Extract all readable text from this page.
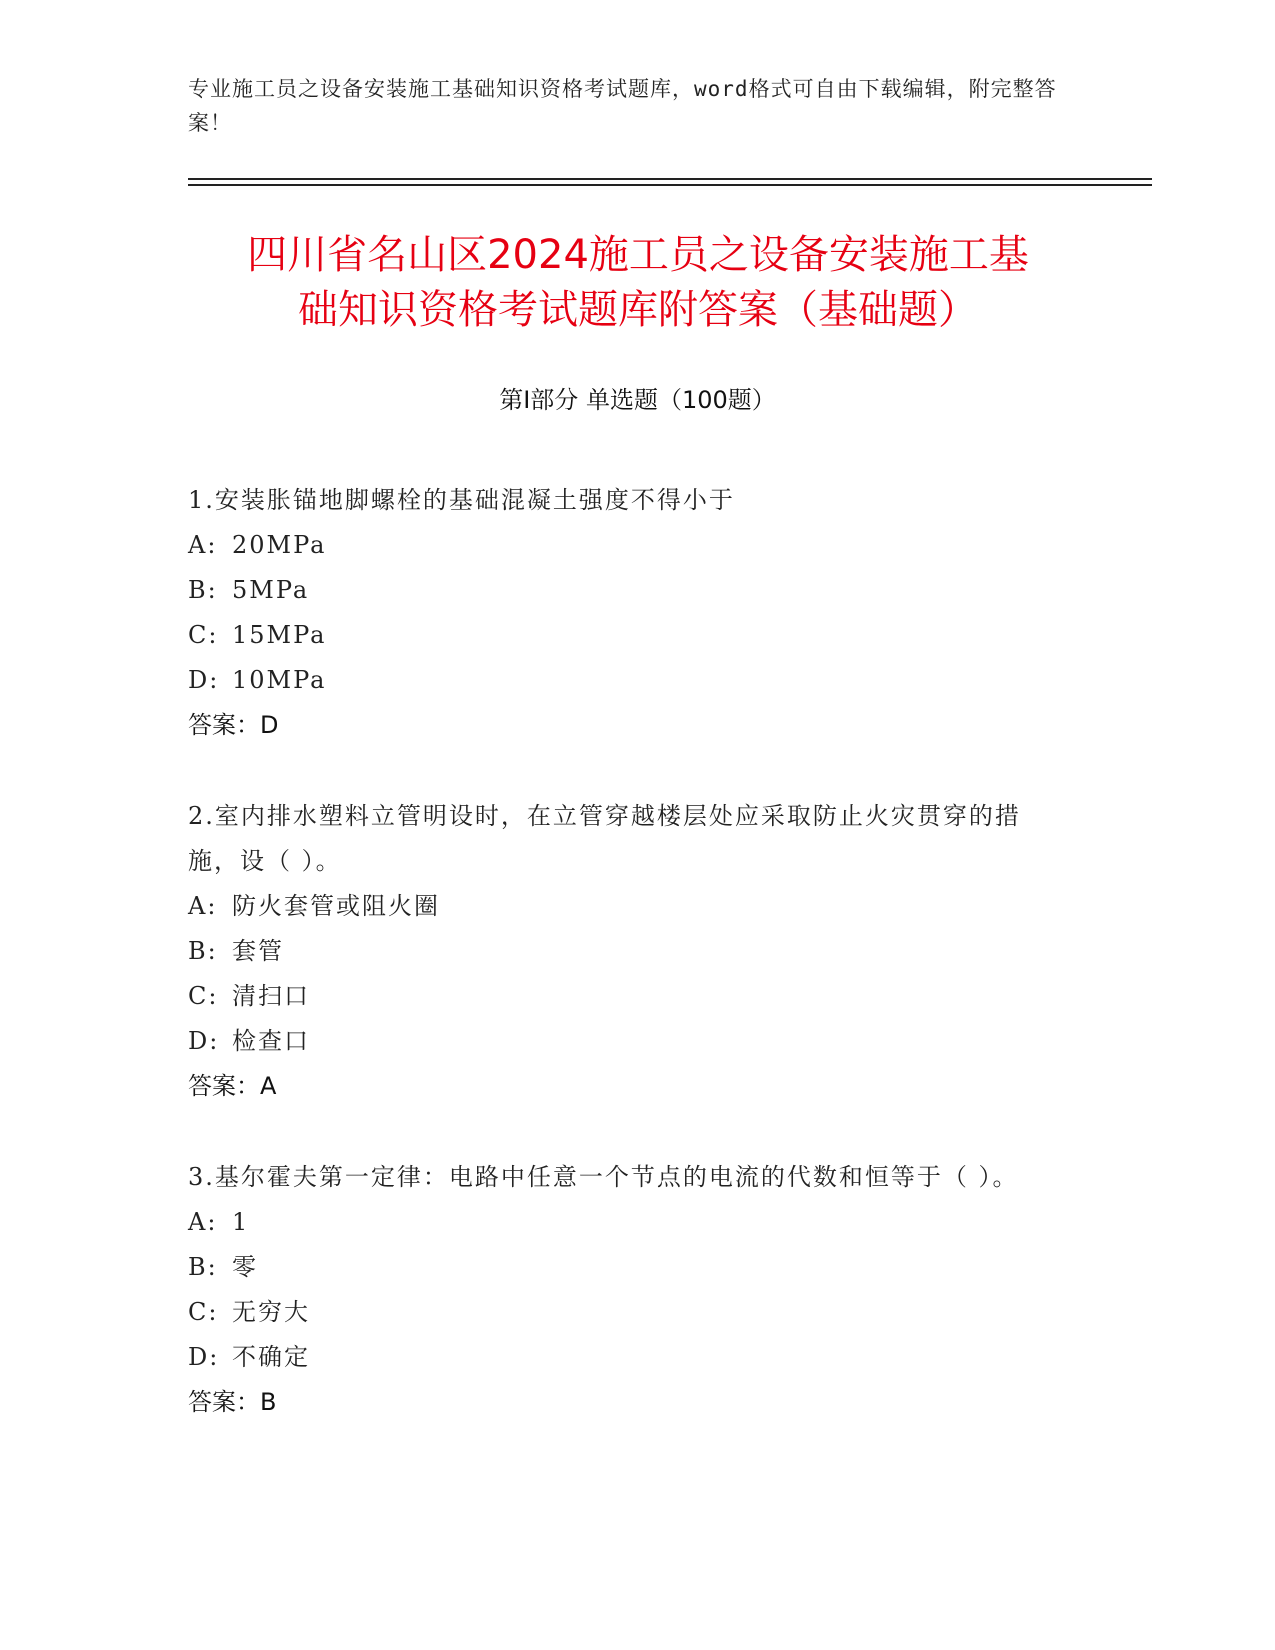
专业施工员之设备安装施工基础知识资格考试题库，word格式可自由下载编辑，附完整答案！
四川省名山区2024施工员之设备安装施工基
础知识资格考试题库附答案（基础题）
第Ⅰ部分 单选题（100题）
1.安装胀锚地脚螺栓的基础混凝土强度不得小于
A: 20MPa
B: 5MPa
C: 15MPa
D: 10MPa
答案：D
2.室内排水塑料立管明设时，在立管穿越楼层处应采取防止火灾贯穿的措施，设（ ）。
A: 防火套管或阻火圈
B: 套管
C: 清扫口
D: 检查口
答案：A
3.基尔霍夫第一定律：电路中任意一个节点的电流的代数和恒等于（ ）。
A: 1
B: 零
C: 无穷大
D: 不确定
答案：B
